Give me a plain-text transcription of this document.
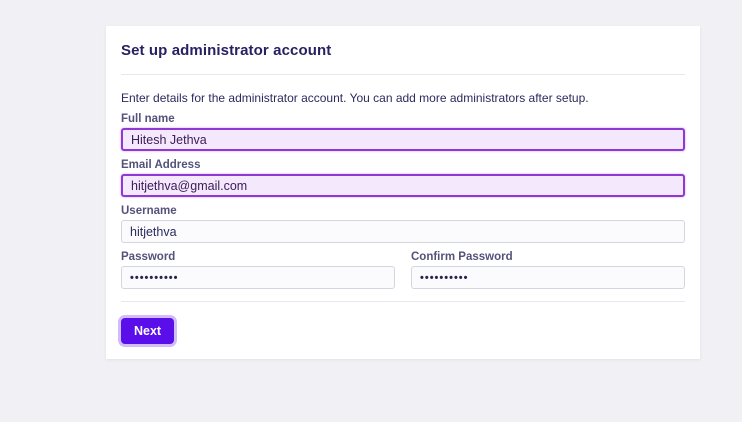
Set up administrator account
Enter details for the administrator account. You can add more administrators after setup.
Full name
Hitesh Jethva
Email Address
hitjethva@gmail.com
Username
hitjethva
Password
••••••••••	Confirm Password
••••••••••
Next
